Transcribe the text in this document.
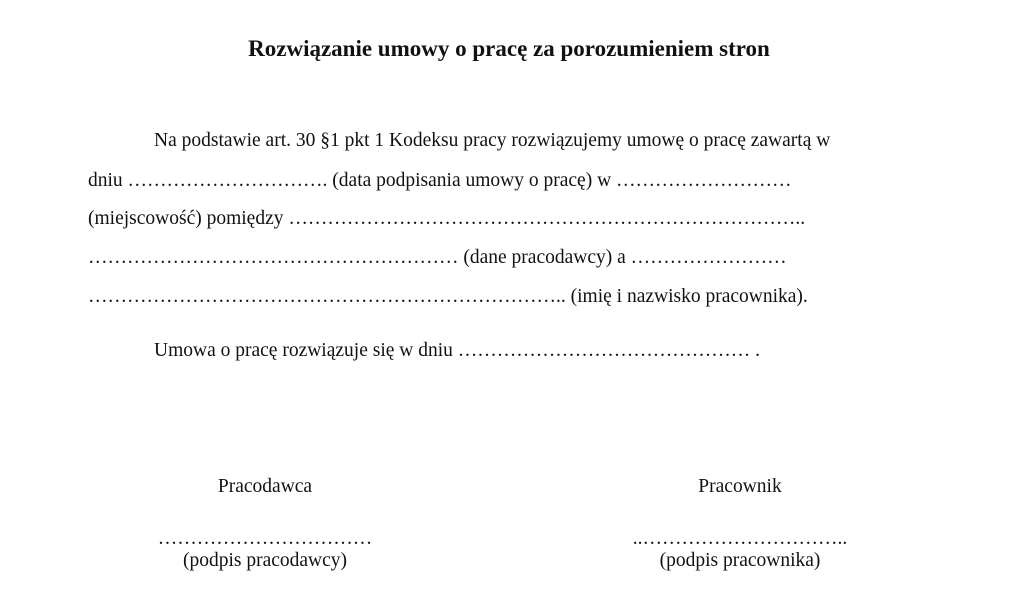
Rozwiązanie umowy o pracę za porozumieniem stron

Na podstawie art. 30 §1 pkt 1 Kodeksu pracy rozwiązujemy umowę o pracę zawartą w

dniu …………………………. (data podpisania umowy o pracę) w ………………………

(miejscowość) pomiędzy ……………………………………………………………………..

………………………………………………… (dane pracodawcy) a ……………………

……………………………………………………………….. (imię i nazwisko pracownika).

Umowa o pracę rozwiązuje się w dniu ……………………………………… .

Pracodawca
……………………………
(podpis pracodawcy)
Pracownik
..…………………………..
(podpis pracownika)
